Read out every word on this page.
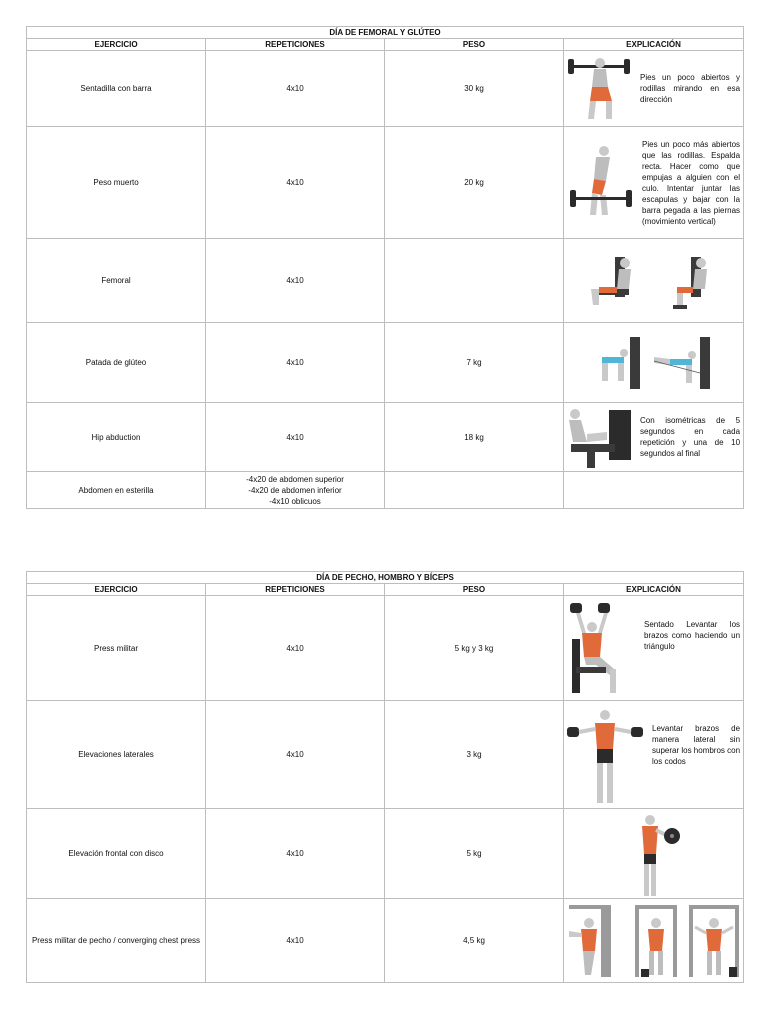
DÍA DE FEMORAL Y GLÚTEO			
EJERCICIO	REPETICIONES	PESO	EXPLICACIÓN
Sentadilla con barra	4x10	30 kg	Pies un poco abiertos y rodillas mirando en esa dirección

Peso muerto	4x10	20 kg	Pies un poco más abiertos que las rodillas. Espalda recta. Hacer como que empujas a alguien con el culo. Intentar juntar las escapulas y bajar con la barra pegada a las piernas (movimiento vertical)

Femoral	4x10		

Patada de glúteo	4x10	7 kg	

Hip abduction	4x10	18 kg	Con isométricas de 5 segundos en cada repetición y una de 10 segundos al final

Abdomen en esterilla	-4x20 de abdomen superior
-4x20 de abdomen inferior
-4x10 oblicuos		

DÍA DE PECHO, HOMBRO Y BÍCEPS			
EJERCICIO	REPETICIONES	PESO	EXPLICACIÓN
Press militar	4x10	5 kg y 3 kg	Sentado Levantar los brazos como haciendo un triángulo

Elevaciones laterales	4x10	3 kg	Levantar brazos de manera lateral sin superar los hombros con los codos

Elevación frontal con disco	4x10	5 kg	

Press militar de pecho / converging chest press	4x10	4,5 kg	
